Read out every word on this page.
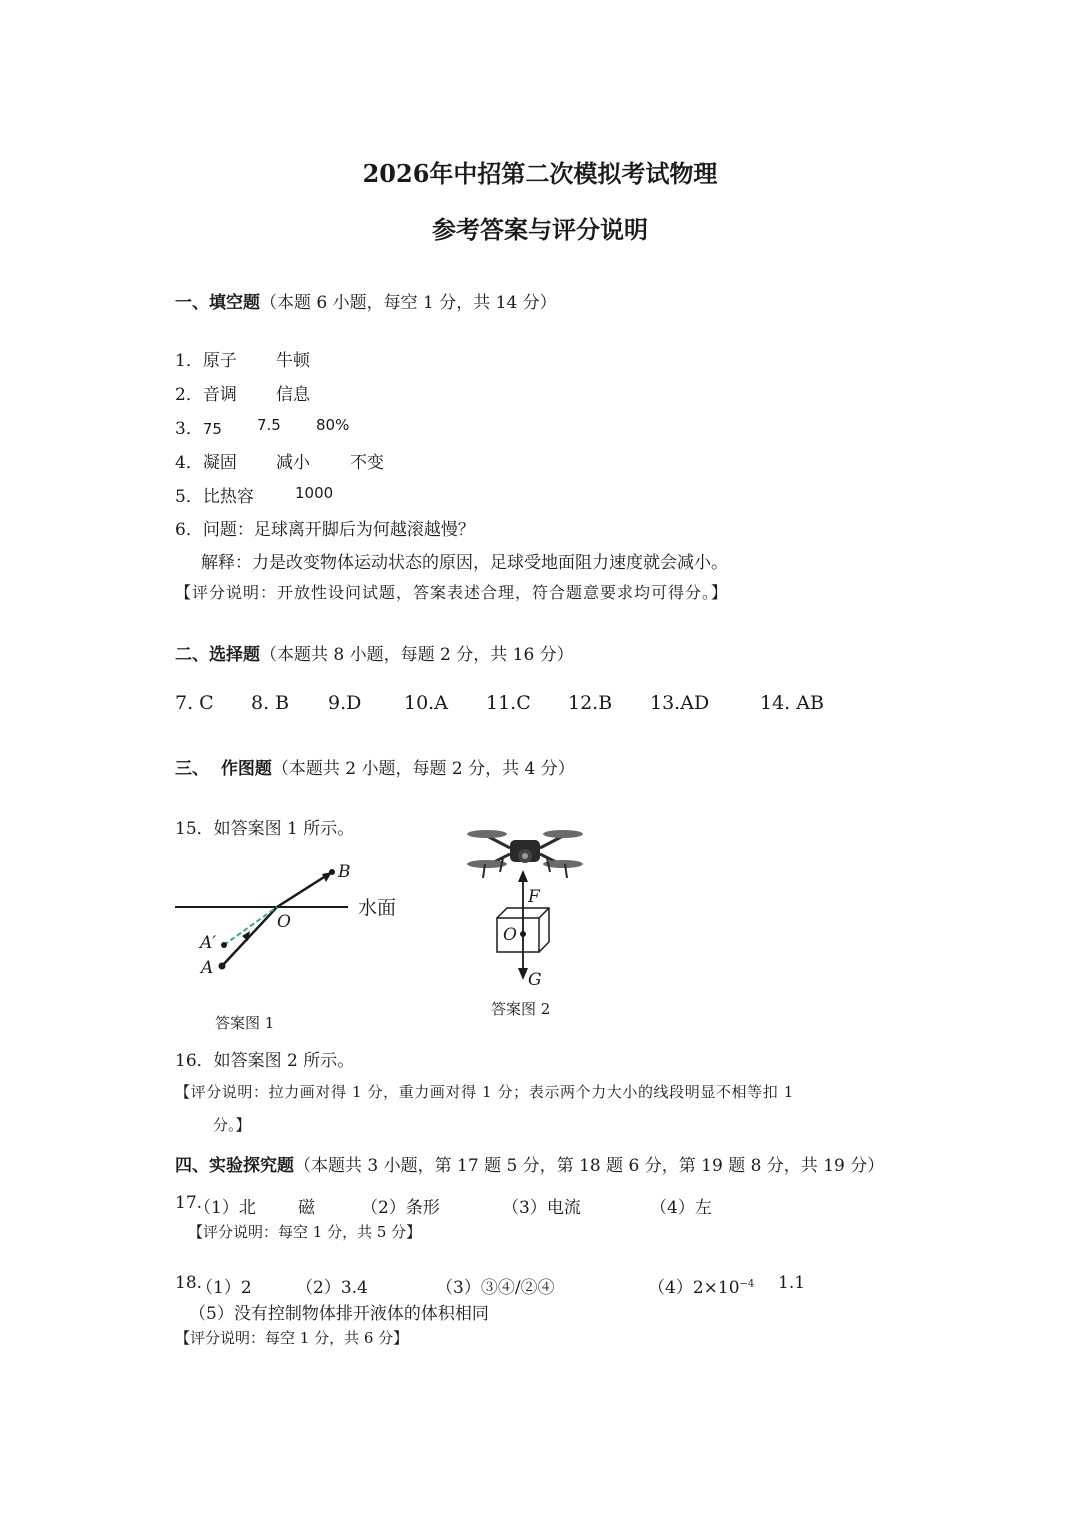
2026年中招第二次模拟考试物理
参考答案与评分说明
一、填空题（本题 6 小题，每空 1 分，共 14 分）
1．原子 牛顿
2．音调 信息
3．75 7.5 80%
4．凝固 减小 不变
5．比热容	1000
6．问题：足球离开脚后为何越滚越慢？
解释：力是改变物体运动状态的原因，足球受地面阻力速度就会减小。
【评分说明：开放性设问试题，答案表述合理，符合题意要求均可得分。】
二、选择题（本题共 8 小题，每题 2 分，共 16 分）
7. C 8. B 9.D 10.A 11.C 12.B 13.AD	14. AB
三、  作图题（本题共 2 小题，每题 2 分，共 4 分）
15．如答案图 1 所示。
B
O
A′
A
水面
答案图 1
F
O
G
答案图 2
16．如答案图 2 所示。
【评分说明：拉力画对得 1 分，重力画对得 1 分；表示两个力大小的线段明显不相等扣 1
分。】
四、实验探究题（本题共 3 小题，第 17 题 5 分，第 18 题 6 分，第 19 题 8 分，共 19 分）
17.
（1）北 磁	（2）条形	（3）电流	（4）左
【评分说明：每空 1 分，共 5 分】
18.
（1）2	（2）3.4	（3）③④/②④	$(4)2\times 10^{-4}$ 1.1
（5）没有控制物体排开液体的体积相同
【评分说明：每空 1 分，共 6 分】
